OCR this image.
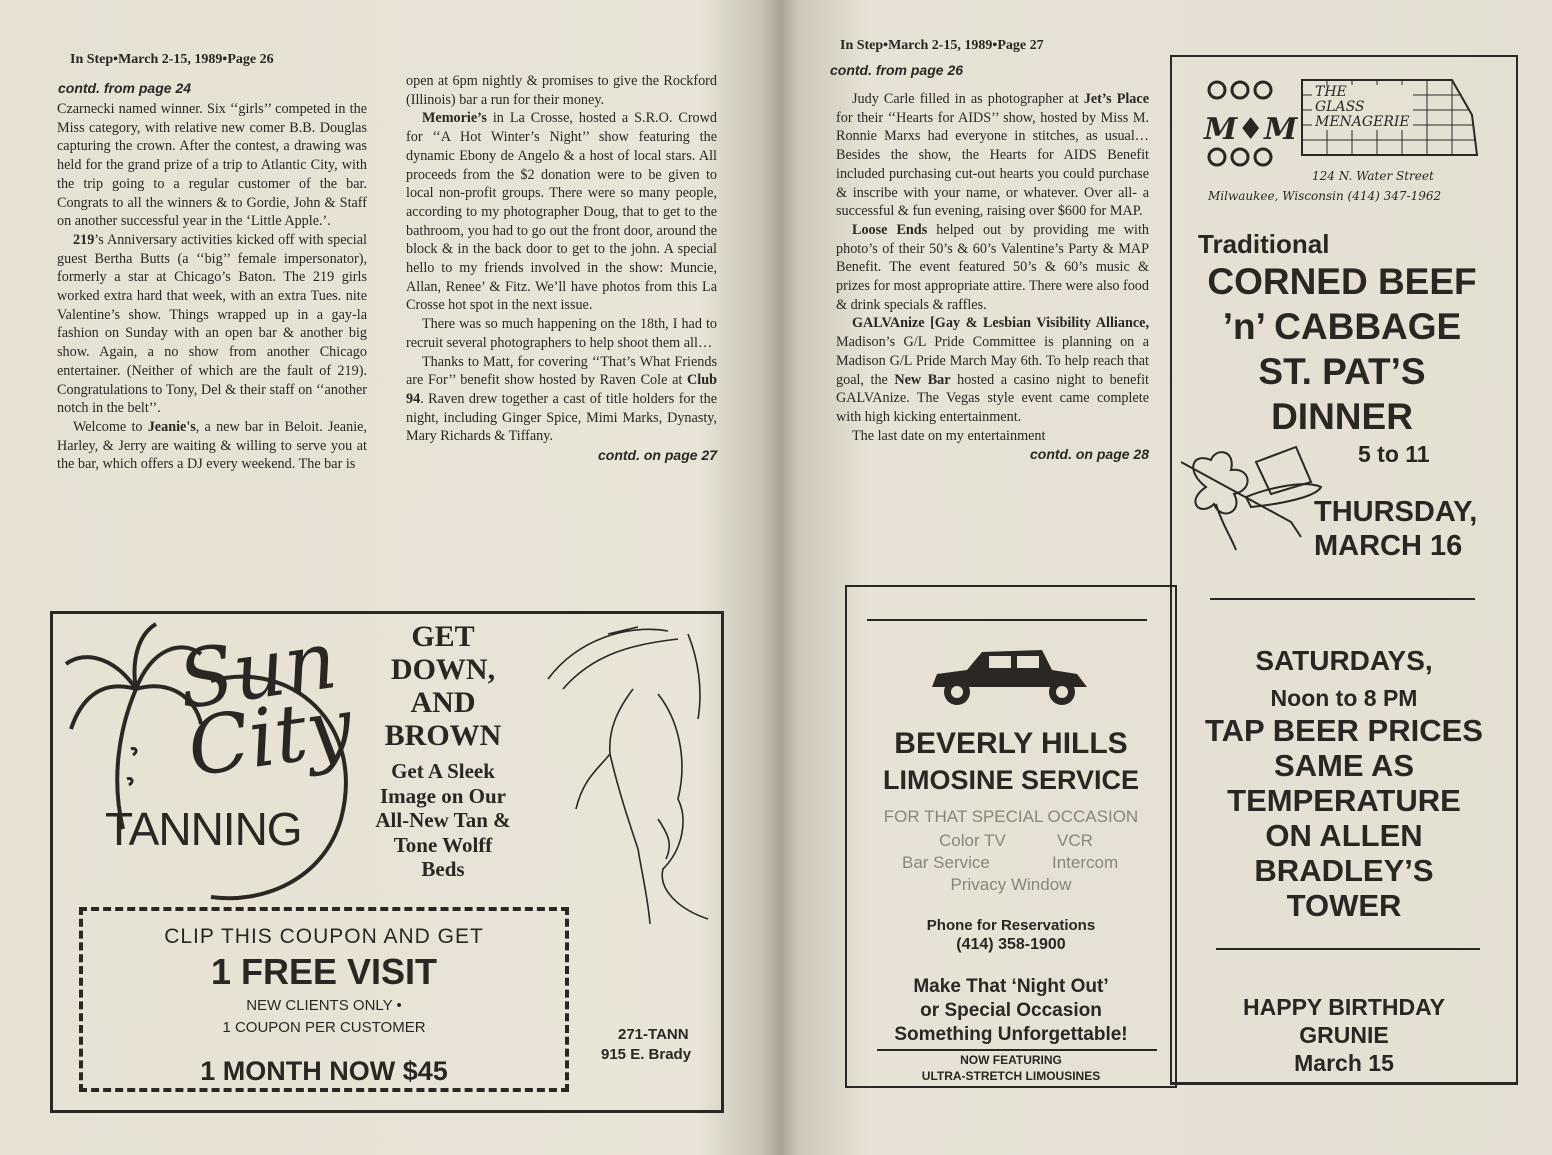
In Step•March 2-15, 1989•Page 26
contd. from page 24

Czarnecki named winner. Six ‘‘girls’’ competed in the Miss category, with relative new comer B.B. Douglas capturing the crown. After the contest, a drawing was held for the grand prize of a trip to Atlantic City, with the trip going to a regular customer of the bar. Congrats to all the winners & to Gordie, John & Staff on another successful year in the ‘Little Apple.’.

219’s Anniversary activities kicked off with special guest Bertha Butts (a ‘‘big’’ female impersonator), formerly a star at Chicago’s Baton. The 219 girls worked extra hard that week, with an extra Tues. nite Valentine’s show. Things wrapped up in a gay-la fashion on Sunday with an open bar & another big show. Again, a no show from another Chicago entertainer. (Neither of which are the fault of 219). Congratulations to Tony, Del & their staff on ‘‘another notch in the belt’’.

Welcome to Jeanie's, a new bar in Beloit. Jeanie, Harley, & Jerry are waiting & willing to serve you at the bar, which offers a DJ every weekend. The bar is

open at 6pm nightly & promises to give the Rockford (Illinois) bar a run for their money.

Memorie’s in La Crosse, hosted a S.R.O. Crowd for ‘‘A Hot Winter’s Night’’ show featuring the dynamic Ebony de Angelo & a host of local stars. All proceeds from the $2 donation were to be given to local non-profit groups. There were so many people, according to my photographer Doug, that to get to the bathroom, you had to go out the front door, around the block & in the back door to get to the john. A special hello to my friends involved in the show: Muncie, Allan, Renee’ & Fitz. We’ll have photos from this La Crosse hot spot in the next issue.

There was so much happening on the 18th, I had to recruit several photographers to help shoot them all…

Thanks to Matt, for covering ‘‘That’s What Friends are For’’ benefit show hosted by Raven Cole at Club 94. Raven drew together a cast of title holders for the night, including Ginger Spice, Mimi Marks, Dynasty, Mary Richards & Tiffany.

contd. on page 27

Sun City
TANNING
GET
DOWN,
AND
BROWN
Get A Sleek
Image on Our
All-New Tan &
Tone Wolff
Beds
CLIP THIS COUPON AND GET
1 FREE VISIT
NEW CLIENTS ONLY •
1 COUPON PER CUSTOMER
1 MONTH NOW $45
271-TANN
915 E. Brady
In Step•March 2-15, 1989•Page 27
contd. from page 26

Judy Carle filled in as photographer at Jet’s Place for their ‘‘Hearts for AIDS’’ show, hosted by Miss M. Ronnie Marxs had everyone in stitches, as usual…Besides the show, the Hearts for AIDS Benefit included purchasing cut-out hearts you could purchase & inscribe with your name, or whatever. Over all- a successful & fun evening, raising over $600 for MAP.

Loose Ends helped out by providing me with photo’s of their 50’s & 60’s Valentine’s Party & MAP Benefit. The event featured 50’s & 60’s music & prizes for most appropriate attire. There were also food & drink specials & raffles.

GALVAnize [Gay & Lesbian Visibility Alliance, Madison’s G/L Pride Committee is planning on a Madison G/L Pride March May 6th. To help reach that goal, the New Bar hosted a casino night to benefit GALVAnize. The Vegas style event came complete with high kicking entertainment.

The last date on my entertainment

contd. on page 28

BEVERLY HILLS
LIMOSINE SERVICE
FOR THAT SPECIAL OCCASION
Color TV	VCR
Bar Service	Intercom
Privacy Window
Phone for Reservations
(414) 358-1900
Make That ‘Night Out’
or Special Occasion
Something Unforgettable!
NOW FEATURING
ULTRA-STRETCH LIMOUSINES
M♦M
THE
GLASS
MENAGERIE
124 N. Water Street
Milwaukee, Wisconsin (414) 347-1962
Traditional
CORNED BEEF
’n’ CABBAGE
ST. PAT’S
DINNER
5 to 11
THURSDAY,
MARCH 16
SATURDAYS,
Noon to 8 PM
TAP BEER PRICES
SAME AS
TEMPERATURE
ON ALLEN
BRADLEY’S
TOWER
HAPPY BIRTHDAY
GRUNIE
March 15
